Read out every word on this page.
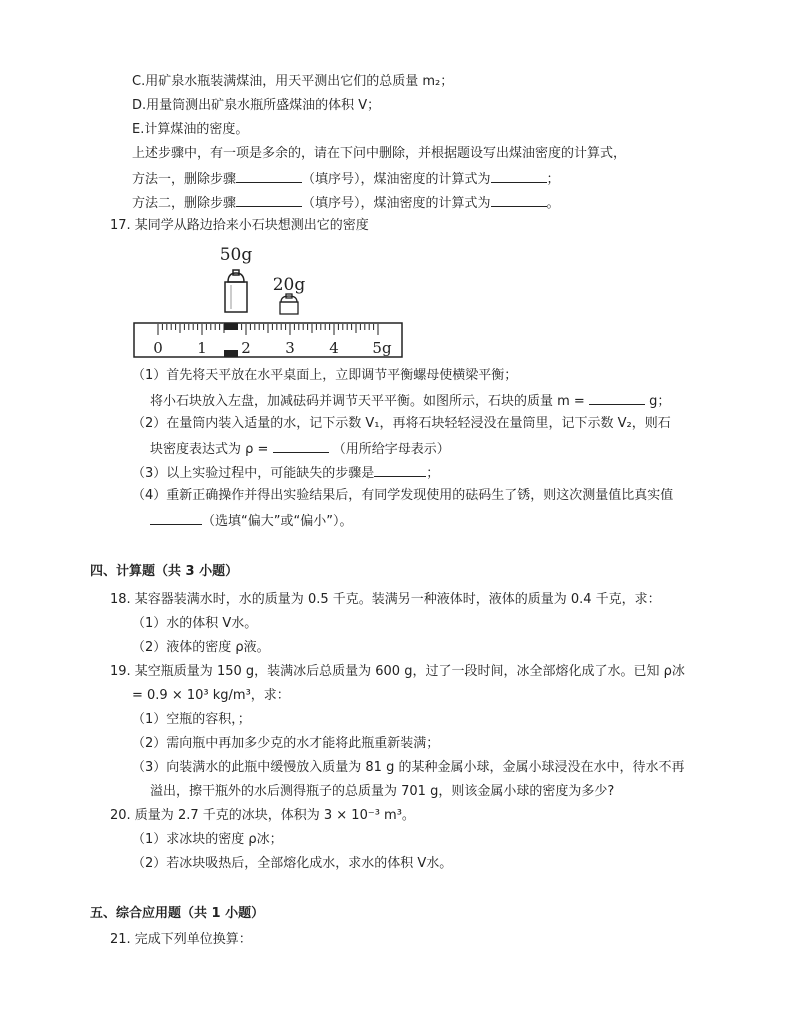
C.用矿泉水瓶装满煤油，用天平测出它们的总质量 m₂；
D.用量筒测出矿泉水瓶所盛煤油的体积 V；
E.计算煤油的密度。
上述步骤中，有一项是多余的，请在下问中删除，并根据题设写出煤油密度的计算式，
方法一，删除步骤	（填序号），煤油密度的计算式为	；
方法二，删除步骤	（填序号），煤油密度的计算式为	。
17. 某同学从路边拾来小石块想测出它的密度
50g
20g
0 1 2 3 4 5g
（1）首先将天平放在水平桌面上，立即调节平衡螺母使横梁平衡；
将小石块放入左盘，加减砝码并调节天平平衡。如图所示，石块的质量 m =	g；
（2）在量筒内装入适量的水，记下示数 V₁，再将石块轻轻浸没在量筒里，记下示数 V₂，则石
块密度表达式为 ρ =	（用所给字母表示）
（3）以上实验过程中，可能缺失的步骤是	；
（4）重新正确操作并得出实验结果后，有同学发现使用的砝码生了锈，则这次测量值比真实值
（选填“偏大”或“偏小”）。
四、计算题（共 3 小题）
18. 某容器装满水时，水的质量为 0.5 千克。装满另一种液体时，液体的质量为 0.4 千克，求：
（1）水的体积 V水。
（2）液体的密度 ρ液。
19. 某空瓶质量为 150 g，装满冰后总质量为 600 g，过了一段时间，冰全部熔化成了水。已知 ρ冰
= 0.9 × 10³ kg/m³，求：
（1）空瓶的容积，；
（2）需向瓶中再加多少克的水才能将此瓶重新装满；
（3）向装满水的此瓶中缓慢放入质量为 81 g 的某种金属小球，金属小球浸没在水中，待水不再
溢出，擦干瓶外的水后测得瓶子的总质量为 701 g，则该金属小球的密度为多少?
20. 质量为 2.7 千克的冰块，体积为 3 × 10⁻³ m³。
（1）求冰块的密度 ρ冰；
（2）若冰块吸热后，全部熔化成水，求水的体积 V水。
五、综合应用题（共 1 小题）
21. 完成下列单位换算：
